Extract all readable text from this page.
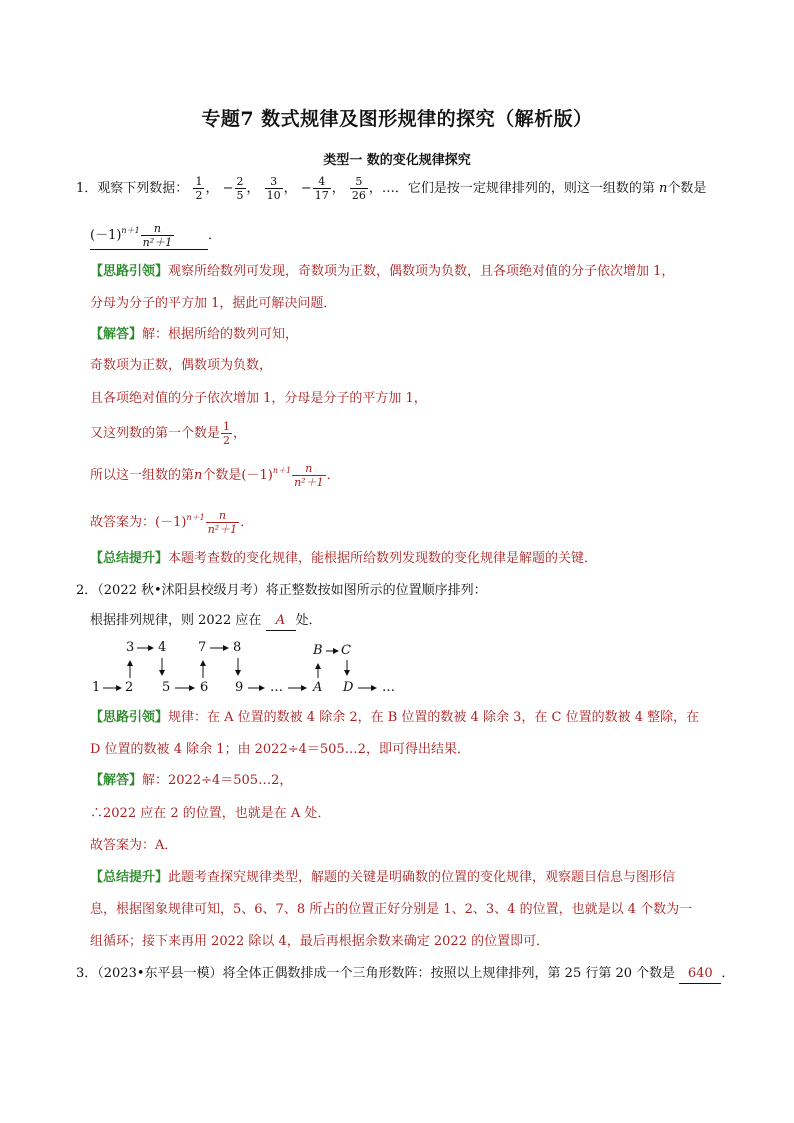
专题7 数式规律及图形规律的探究（解析版）
类型一 数的变化规律探究
1．观察下列数据： $\frac{1}{2}$ ， − $\frac{2}{5}$ ， $\frac{3}{10}$ ， − $\frac{4}{17}$ ， $\frac{5}{26}$ ，…．它们是按一定规律排列的，则这一组数的第 n个数是
$(-1)^{n+1} \frac{n}{\text{n²＋1}}$	．
【思路引领】观察所给数列可发现，奇数项为正数，偶数项为负数，且各项绝对值的分子依次增加 1，
分母为分子的平方加 1，据此可解决问题．
【解答】解：根据所给的数列可知，
奇数项为正数，偶数项为负数，
且各项绝对值的分子依次增加 1，分母是分子的平方加 1，
又这列数的第一个数是 $\frac{1}{2}$ ，
所以这一组数的第n个数是$(-1)^{n+1} \frac{n}{\text{n²＋1}}$ ．
故答案为：$(-1)^{n+1} \frac{n}{\text{n²＋1}}$ ．
【总结提升】本题考查数的变化规律，能根据所给数列发现数的变化规律是解题的关键．
2．（2022 秋•沭阳县校级月考）将正整数按如图所示的位置顺序排列：
根据排列规律，则 2022 应在 A 处．
3 4 7 8	B C
1 2 5 6 9 … A D …
【思路引领】规律：在 A 位置的数被 4 除余 2，在 B 位置的数被 4 除余 3，在 C 位置的数被 4 整除，在
D 位置的数被 4 除余 1；由 2022÷4＝505…2，即可得出结果．
【解答】解：2022÷4＝505…2，
∴2022 应在 2 的位置，也就是在 A 处．
故答案为：A．
【总结提升】此题考查探究规律类型，解题的关键是明确数的位置的变化规律，观察题目信息与图形信
息，根据图象规律可知，5、6、7、8 所占的位置正好分别是 1、2、3、4 的位置，也就是以 4 个数为一
组循环；接下来再用 2022 除以 4，最后再根据余数来确定 2022 的位置即可．
3．（2023•东平县一模）将全体正偶数排成一个三角形数阵：按照以上规律排列，第 25 行第 20 个数是 640 ．
